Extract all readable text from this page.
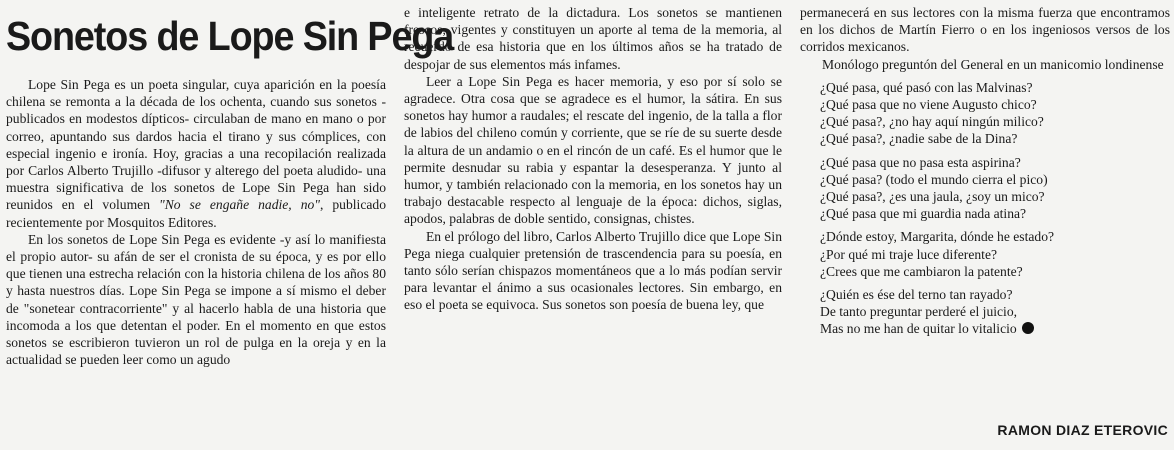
Sonetos de Lope Sin Pega

Lope Sin Pega es un poeta singular, cuya aparición en la poesía chilena se remonta a la década de los ochenta, cuando sus sonetos -publicados en modestos dípticos- circulaban de mano en mano o por correo, apuntando sus dardos hacia el tirano y sus cómplices, con especial ingenio e ironía. Hoy, gracias a una recopilación realizada por Carlos Alberto Trujillo -difusor y alterego del poeta aludido- una muestra significativa de los sonetos de Lope Sin Pega han sido reunidos en el volumen "No se engañe nadie, no", publicado recientemente por Mosquitos Editores.

En los sonetos de Lope Sin Pega es evidente -y así lo manifiesta el propio autor- su afán de ser el cronista de su época, y es por ello que tienen una estrecha relación con la historia chilena de los años 80 y hasta nuestros días. Lope Sin Pega se impone a sí mismo el deber de "sonetear contracorriente" y al hacerlo habla de una historia que incomoda a los que detentan el poder. En el momento en que estos sonetos se escribieron tuvieron un rol de pulga en la oreja y en la actualidad se pueden leer como un agudo

e inteligente retrato de la dictadura. Los sonetos se mantienen frescos, vigentes y constituyen un aporte al tema de la memoria, al recuerdo de esa historia que en los últimos años se ha tratado de despojar de sus elementos más infames.

Leer a Lope Sin Pega es hacer memoria, y eso por sí solo se agradece. Otra cosa que se agradece es el humor, la sátira. En sus sonetos hay humor a raudales; el rescate del ingenio, de la talla a flor de labios del chileno común y corriente, que se ríe de su suerte desde la altura de un andamio o en el rincón de un café. Es el humor que le permite desnudar su rabia y espantar la desesperanza. Y junto al humor, y también relacionado con la memoria, en los sonetos hay un trabajo destacable respecto al lenguaje de la época: dichos, siglas, apodos, palabras de doble sentido, consignas, chistes.

En el prólogo del libro, Carlos Alberto Trujillo dice que Lope Sin Pega niega cualquier pretensión de trascendencia para su poesía, en tanto sólo serían chispazos momentáneos que a lo más podían servir para levantar el ánimo a sus ocasionales lectores. Sin embargo, en eso el poeta se equivoca. Sus sonetos son poesía de buena ley, que

permanecerá en sus lectores con la misma fuerza que encontramos en los dichos de Martín Fierro o en los ingeniosos versos de los corridos mexicanos.

Monólogo preguntón del General en un manicomio londinense

¿Qué pasa, qué pasó con las Malvinas?
¿Qué pasa que no viene Augusto chico?
¿Qué pasa?, ¿no hay aquí ningún milico?
¿Qué pasa?, ¿nadie sabe de la Dina?
¿Qué pasa que no pasa esta aspirina?
¿Qué pasa? (todo el mundo cierra el pico)
¿Qué pasa?, ¿es una jaula, ¿soy un mico?
¿Qué pasa que mi guardia nada atina?
¿Dónde estoy, Margarita, dónde he estado?
¿Por qué mi traje luce diferente?
¿Crees que me cambiaron la patente?
¿Quién es ése del terno tan rayado?
De tanto preguntar perderé el juicio,
Mas no me han de quitar lo vitalicio
RAMON DIAZ ETEROVIC
